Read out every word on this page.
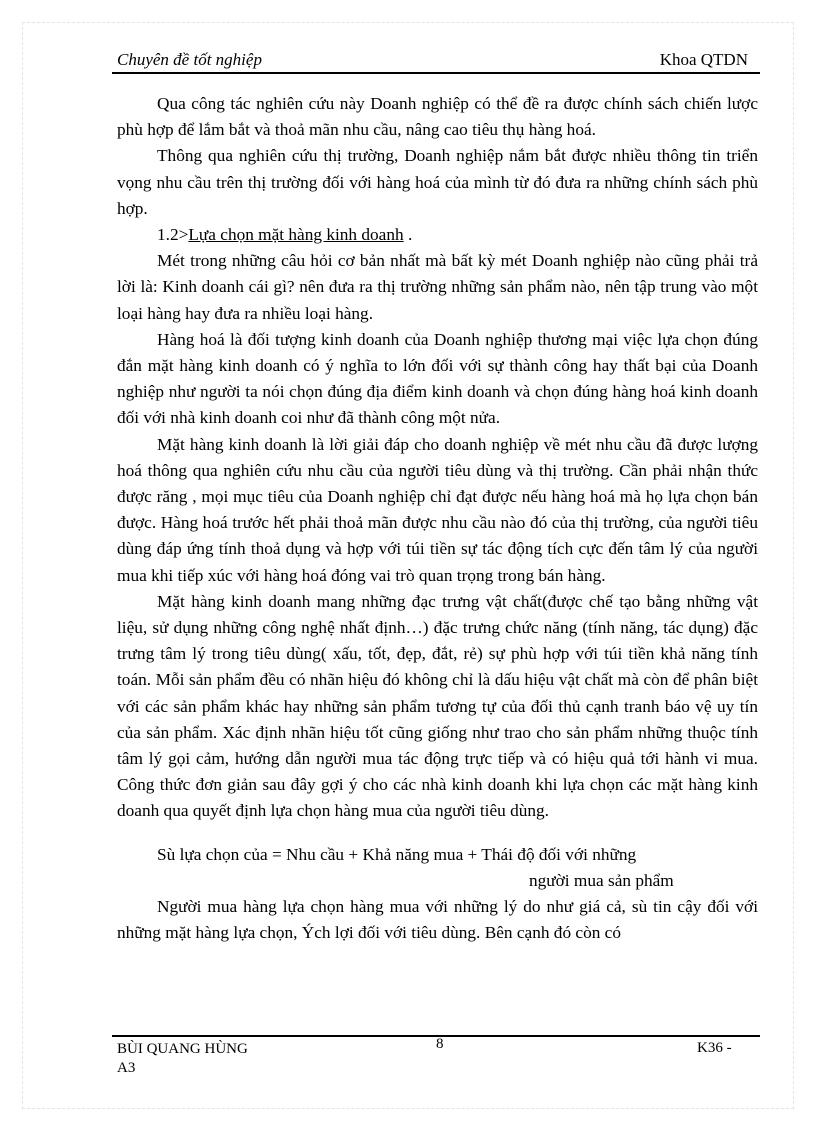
Chuyên đề tốt nghiệp	Khoa QTDN

Qua công tác nghiên cứu này Doanh nghiệp có thể đề ra được chính sách chiến lược phù hợp để lắm bắt và thoả mãn nhu cầu, nâng cao tiêu thụ hàng hoá.

Thông qua nghiên cứu thị trường, Doanh nghiệp nắm bắt được nhiều thông tin triển vọng nhu cầu trên thị trường đối với hàng hoá của mình từ đó đưa ra những chính sách phù hợp.

1.2>Lựa chọn mặt hàng kinh doanh .

Mét trong những câu hỏi cơ bản nhất mà bất kỳ mét Doanh nghiệp nào cũng phải trả lời là: Kinh doanh cái gì? nên đưa ra thị trường những sản phẩm nào, nên tập trung vào một loại hàng hay đưa ra nhiều loại hàng.

Hàng hoá là đối tượng kinh doanh của Doanh nghiệp thương mại việc lựa chọn đúng đắn mặt hàng kinh doanh có ý nghĩa to lớn đối với sự thành công hay thất bại của Doanh nghiệp như người ta nói chọn đúng địa điểm kinh doanh và chọn đúng hàng hoá kinh doanh đối với nhà kinh doanh coi như đã thành công một nửa.

Mặt hàng kinh doanh là lời giải đáp cho doanh nghiệp về mét nhu cầu đã được lượng hoá thông qua nghiên cứu nhu cầu của người tiêu dùng và thị trường. Cần phải nhận thức được răng , mọi mục tiêu của Doanh nghiệp chỉ đạt được nếu hàng hoá mà họ lựa chọn bán được. Hàng hoá trước hết phải thoả mãn được nhu cầu nào đó của thị trường, của người tiêu dùng đáp ứng tính thoả dụng và hợp với túi tiền sự tác động tích cực đến tâm lý của người mua khi tiếp xúc với hàng hoá đóng vai trò quan trọng trong bán hàng.

Mặt hàng kinh doanh mang những đạc trưng vật chất(được chế tạo bằng những vật liệu, sử dụng những công nghệ nhất định…) đặc trưng chức năng (tính năng, tác dụng) đặc trưng tâm lý trong tiêu dùng( xấu, tốt, đẹp, đắt, rẻ) sự phù hợp với túi tiền khả năng tính toán. Mỗi sản phẩm đều có nhãn hiệu đó không chỉ là dấu hiệu vật chất mà còn để phân biệt với các sản phẩm khác hay những sản phẩm tương tự của đối thủ cạnh tranh báo vệ uy tín của sản phẩm. Xác định nhãn hiệu tốt cũng giống như trao cho sản phẩm những thuộc tính tâm lý gọi cảm, hướng dẫn người mua tác động trực tiếp và có hiệu quả tới hành vi mua. Công thức đơn giản sau đây gợi ý cho các nhà kinh doanh khi lựa chọn các mặt hàng kinh doanh qua quyết định lựa chọn hàng mua của người tiêu dùng.

Sù lựa chọn của = Nhu cầu + Khả năng mua + Thái độ đối với những
người mua sản phẩm

Người mua hàng lựa chọn hàng mua với những lý do như giá cả, sù tin cậy đối với những mặt hàng lựa chọn, Ých lợi đối với tiêu dùng. Bên cạnh đó còn có

BÙI QUANG HÙNG
A3
8	K36 -
